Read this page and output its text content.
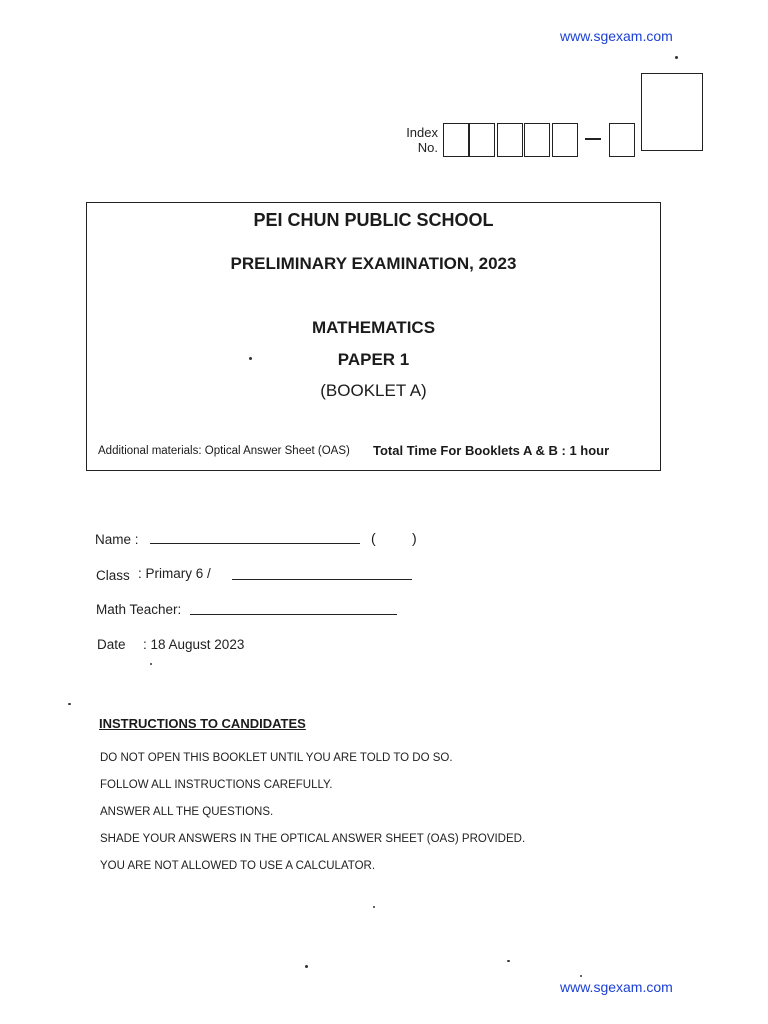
www.sgexam.com
www.sgexam.com
Index
No.
PEI CHUN PUBLIC SCHOOL
PRELIMINARY EXAMINATION, 2023
MATHEMATICS
PAPER 1
(BOOKLET A)
Additional materials: Optical Answer Sheet (OAS) Total Time For Booklets A & B : 1 hour
Name :	(	)
Class : Primary 6 /
Math Teacher:
Date : 18 August 2023
INSTRUCTIONS TO CANDIDATES
DO NOT OPEN THIS BOOKLET UNTIL YOU ARE TOLD TO DO SO.
FOLLOW ALL INSTRUCTIONS CAREFULLY.
ANSWER ALL THE QUESTIONS.
SHADE YOUR ANSWERS IN THE OPTICAL ANSWER SHEET (OAS) PROVIDED.
YOU ARE NOT ALLOWED TO USE A CALCULATOR.
